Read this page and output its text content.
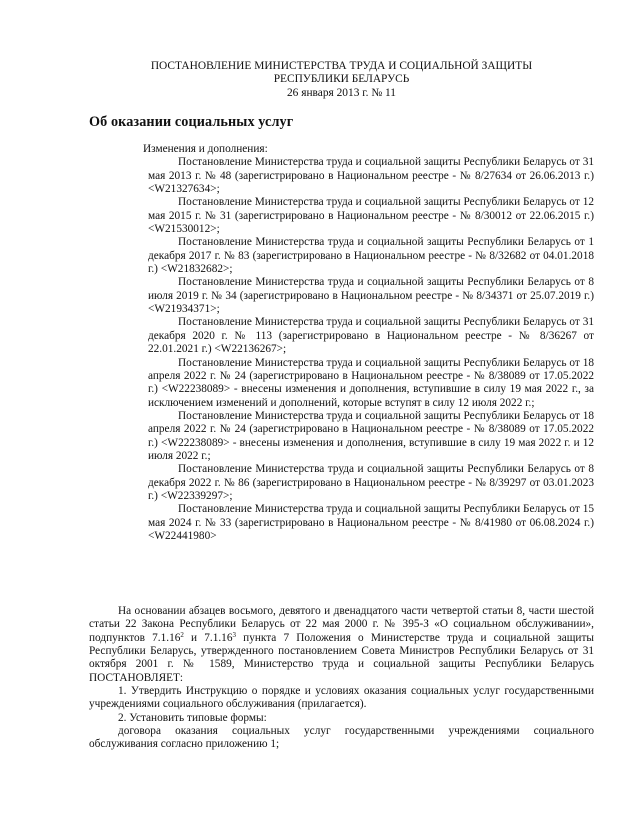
ПОСТАНОВЛЕНИЕ МИНИСТЕРСТВА ТРУДА И СОЦИАЛЬНОЙ ЗАЩИТЫ
РЕСПУБЛИКИ БЕЛАРУСЬ
26 января 2013 г. № 11
Об оказании социальных услуг
Изменения и дополнения:

Постановление Министерства труда и социальной защиты Республики Беларусь от 31 мая 2013 г. № 48 (зарегистрировано в Национальном реестре - № 8/27634 от 26.06.2013 г.) <W21327634>;

Постановление Министерства труда и социальной защиты Республики Беларусь от 12 мая 2015 г. № 31 (зарегистрировано в Национальном реестре - № 8/30012 от 22.06.2015 г.) <W21530012>;

Постановление Министерства труда и социальной защиты Республики Беларусь от 1 декабря 2017 г. № 83 (зарегистрировано в Национальном реестре - № 8/32682 от 04.01.2018 г.) <W21832682>;

Постановление Министерства труда и социальной защиты Республики Беларусь от 8 июля 2019 г. № 34 (зарегистрировано в Национальном реестре - № 8/34371 от 25.07.2019 г.) <W21934371>;

Постановление Министерства труда и социальной защиты Республики Беларусь от 31 декабря 2020 г. № 113 (зарегистрировано в Национальном реестре - № 8/36267 от 22.01.2021 г.) <W22136267>;

Постановление Министерства труда и социальной защиты Республики Беларусь от 18 апреля 2022 г. № 24 (зарегистрировано в Национальном реестре - № 8/38089 от 17.05.2022 г.) <W22238089> - внесены изменения и дополнения, вступившие в силу 19 мая 2022 г., за исключением изменений и дополнений, которые вступят в силу 12 июля 2022 г.;

Постановление Министерства труда и социальной защиты Республики Беларусь от 18 апреля 2022 г. № 24 (зарегистрировано в Национальном реестре - № 8/38089 от 17.05.2022 г.) <W22238089> - внесены изменения и дополнения, вступившие в силу 19 мая 2022 г. и 12 июля 2022 г.;

Постановление Министерства труда и социальной защиты Республики Беларусь от 8 декабря 2022 г. № 86 (зарегистрировано в Национальном реестре - № 8/39297 от 03.01.2023 г.) <W22339297>;

Постановление Министерства труда и социальной защиты Республики Беларусь от 15 мая 2024 г. № 33 (зарегистрировано в Национальном реестре - № 8/41980 от 06.08.2024 г.) <W22441980>

На основании абзацев восьмого, девятого и двенадцатого части четвертой статьи 8, части шестой статьи 22 Закона Республики Беларусь от 22 мая 2000 г. № 395-З «О социальном обслуживании», подпунктов 7.1.16$^2$ и 7.1.16$^3$ пункта 7 Положения о Министерстве труда и социальной защиты Республики Беларусь, утвержденного постановлением Совета Министров Республики Беларусь от 31 октября 2001 г. № 1589, Министерство труда и социальной защиты Республики Беларусь ПОСТАНОВЛЯЕТ:

1. Утвердить Инструкцию о порядке и условиях оказания социальных услуг государственными учреждениями социального обслуживания (прилагается).

2. Установить типовые формы:

договора оказания социальных услуг государственными учреждениями социального обслуживания согласно приложению 1;
